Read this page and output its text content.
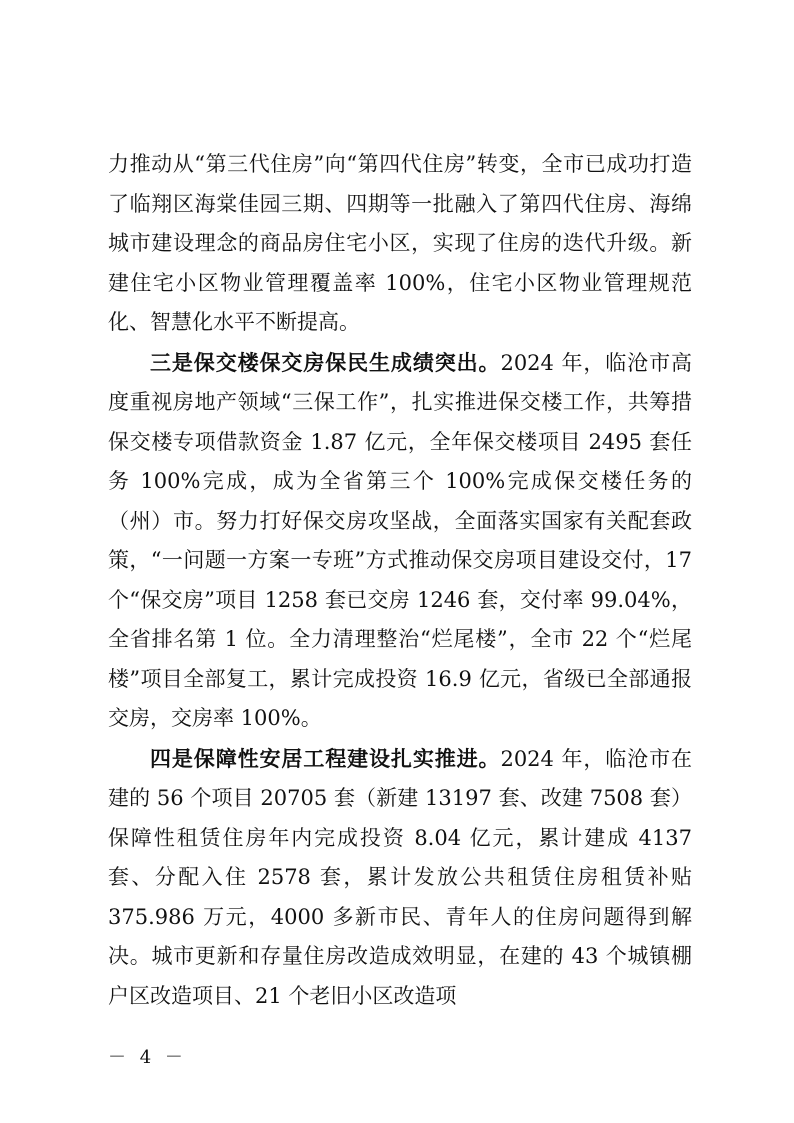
力推动从“第三代住房”向“第四代住房”转变，全市已成功打造了临翔区海棠佳园三期、四期等一批融入了第四代住房、海绵城市建设理念的商品房住宅小区，实现了住房的迭代升级。新建住宅小区物业管理覆盖率 100%，住宅小区物业管理规范化、智慧化水平不断提高。

三是保交楼保交房保民生成绩突出。2024 年，临沧市高度重视房地产领域“三保工作”，扎实推进保交楼工作，共筹措保交楼专项借款资金 1.87 亿元，全年保交楼项目 2495 套任务 100%完成，成为全省第三个 100%完成保交楼任务的（州）市。努力打好保交房攻坚战，全面落实国家有关配套政策，“一问题一方案一专班”方式推动保交房项目建设交付，17 个“保交房”项目 1258 套已交房 1246 套，交付率 99.04%，全省排名第 1 位。全力清理整治“烂尾楼”，全市 22 个“烂尾楼”项目全部复工，累计完成投资 16.9 亿元，省级已全部通报交房，交房率 100%。

四是保障性安居工程建设扎实推进。2024 年，临沧市在建的 56 个项目 20705 套（新建 13197 套、改建 7508 套）保障性租赁住房年内完成投资 8.04 亿元，累计建成 4137 套、分配入住 2578 套，累计发放公共租赁住房租赁补贴 375.986 万元，4000 多新市民、青年人的住房问题得到解决。城市更新和存量住房改造成效明显，在建的 43 个城镇棚户区改造项目、21 个老旧小区改造项

－ 4 －
